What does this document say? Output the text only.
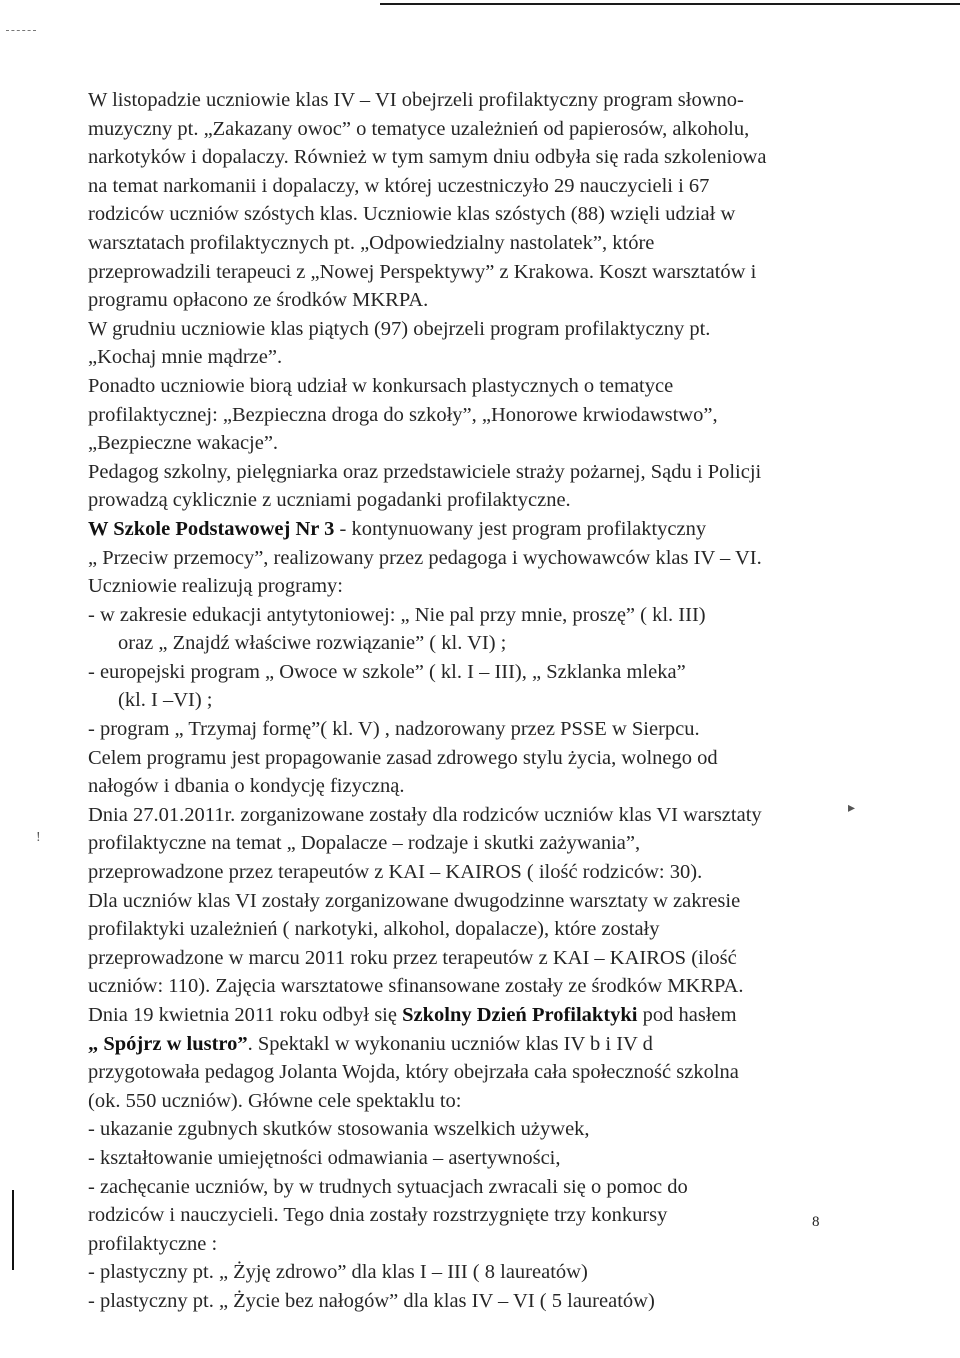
!
▸
W listopadzie uczniowie klas IV – VI obejrzeli profilaktyczny program słowno-
muzyczny pt. „Zakazany owoc” o tematyce uzależnień od papierosów, alkoholu,
narkotyków i dopalaczy. Również w tym samym dniu odbyła się rada szkoleniowa
na temat narkomanii i dopalaczy, w której uczestniczyło 29 nauczycieli i 67
rodziców uczniów szóstych klas. Uczniowie klas szóstych (88) wzięli udział w
warsztatach profilaktycznych pt. „Odpowiedzialny nastolatek”, które
przeprowadzili terapeuci z „Nowej Perspektywy” z Krakowa. Koszt warsztatów i
programu opłacono ze środków MKRPA.
W grudniu uczniowie klas piątych (97) obejrzeli program profilaktyczny pt.
„Kochaj mnie mądrze”.
Ponadto uczniowie biorą udział w konkursach plastycznych o tematyce
profilaktycznej: „Bezpieczna droga do szkoły”, „Honorowe krwiodawstwo”,
„Bezpieczne wakacje”.
Pedagog szkolny, pielęgniarka oraz przedstawiciele straży pożarnej, Sądu i Policji
prowadzą cyklicznie z uczniami pogadanki profilaktyczne.
W Szkole Podstawowej Nr 3 - kontynuowany jest program profilaktyczny
„ Przeciw przemocy”, realizowany przez pedagoga i wychowawców klas IV – VI.
Uczniowie realizują programy:
- w zakresie edukacji antytytoniowej: „ Nie pal przy mnie, proszę” ( kl. III)
oraz „ Znajdź właściwe rozwiązanie” ( kl. VI) ;
- europejski program „ Owoce w szkole” ( kl. I – III), „ Szklanka mleka”
(kl. I –VI) ;
- program „ Trzymaj formę”( kl. V) , nadzorowany przez PSSE w Sierpcu.
Celem programu jest propagowanie zasad zdrowego stylu życia, wolnego od
nałogów i dbania o kondycję fizyczną.
Dnia 27.01.2011r. zorganizowane zostały dla rodziców uczniów klas VI warsztaty
profilaktyczne na temat „ Dopalacze – rodzaje i skutki zażywania”,
przeprowadzone przez terapeutów z KAI – KAIROS ( ilość rodziców: 30).
Dla uczniów klas VI zostały zorganizowane dwugodzinne warsztaty w zakresie
profilaktyki uzależnień ( narkotyki, alkohol, dopalacze), które zostały
przeprowadzone w marcu 2011 roku przez terapeutów z KAI – KAIROS (ilość
uczniów: 110). Zajęcia warsztatowe sfinansowane zostały ze środków MKRPA.
Dnia 19 kwietnia 2011 roku odbył się Szkolny Dzień Profilaktyki pod hasłem
„ Spójrz w lustro”. Spektakl w wykonaniu uczniów klas IV b i IV d
przygotowała pedagog Jolanta Wojda, który obejrzała cała społeczność szkolna
(ok. 550 uczniów). Główne cele spektaklu to:
- ukazanie zgubnych skutków stosowania wszelkich używek,
- kształtowanie umiejętności odmawiania – asertywności,
- zachęcanie uczniów, by w trudnych sytuacjach zwracali się o pomoc do
rodziców i nauczycieli. Tego dnia zostały rozstrzygnięte trzy konkursy
profilaktyczne :
- plastyczny pt. „ Żyję zdrowo” dla klas I – III ( 8 laureatów)
- plastyczny pt. „ Życie bez nałogów” dla klas IV – VI ( 5 laureatów)
8
